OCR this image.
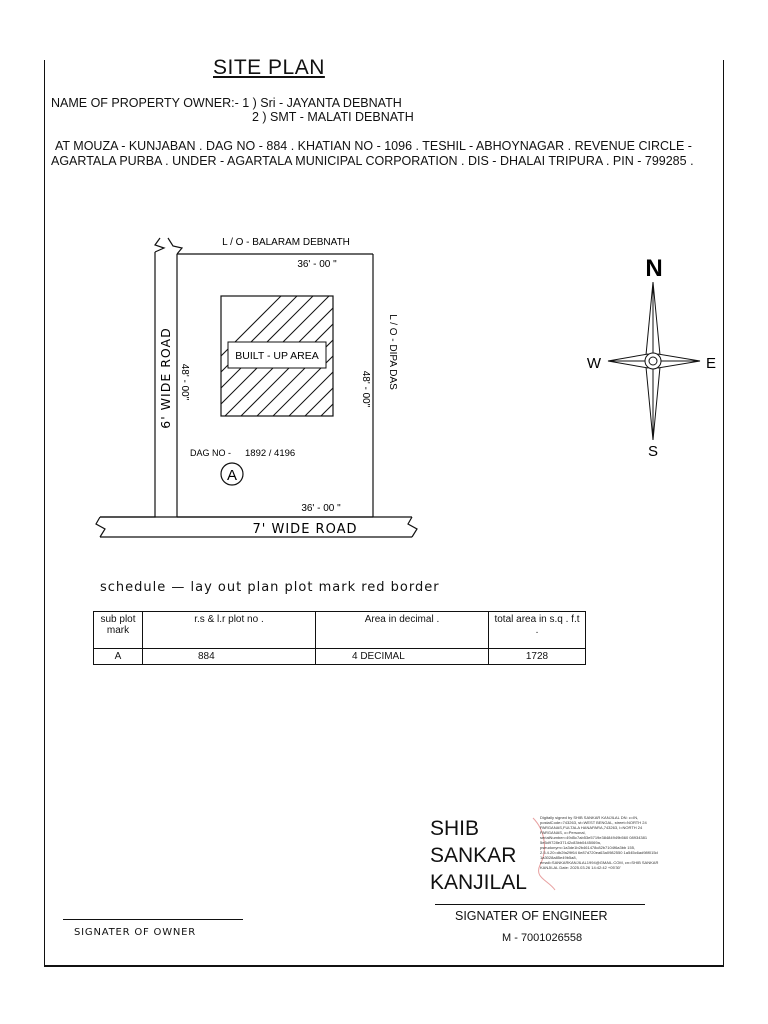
SITE PLAN
NAME OF PROPERTY OWNER:- 1 ) Sri - JAYANTA DEBNATH
2 ) SMT - MALATI DEBNATH
AT MOUZA - KUNJABAN . DAG NO - 884 . KHATIAN NO - 1096 . TESHIL - ABHOYNAGAR . REVENUE CIRCLE - AGARTALA PURBA . UNDER - AGARTALA MUNICIPAL CORPORATION . DIS - DHALAI TRIPURA . PIN - 799285 .
L / O - BALARAM DEBNATH
36' - 00 "
36' - 00 "
BUILT - UP AREA
DAG NO - 1892 / 4196
A
7' WIDE ROAD
6' WIDE ROAD 48' - 00"	48' - 00" L / O - DIPA DAS
N
S
E
W
schedule — lay out plan plot mark red border
sub plot mark	r.s & l.r plot no .	Area in decimal .	total area in s.q . f.t .
A	884	4 DECIMAL	1728
SIGNATER OF OWNER
SHIB
SANKAR
KANJILAL
Digitally signed by SHIB SANKAR KANJILAL DN: c=IN, postalCode=743263, st=WEST BENGAL, street=NORTH 24 PARGANAS,FULTALA HANAPARA,743263, l=NORTH 24 PARGANAS, o=Personal, serialNumber=49d5c7ab53e5719e38484949b560 08934381 5e5d9728e37142c83bb0445069a, pseudonym=1a3de1b2b461478c82b7104f6a3bb 155, 2.5.4.20=db2fa29f64 6e87d720ea63a0982550 1a545c6ad98f015d 1a3028a85e49b5a8, email=SANKARKANJILAL1994@GMAIL.COM, cn=SHIB SANKAR KANJILAL Date: 2025.03.26 14:42:42 +05'30'
SIGNATER OF ENGINEER
M - 7001026558
